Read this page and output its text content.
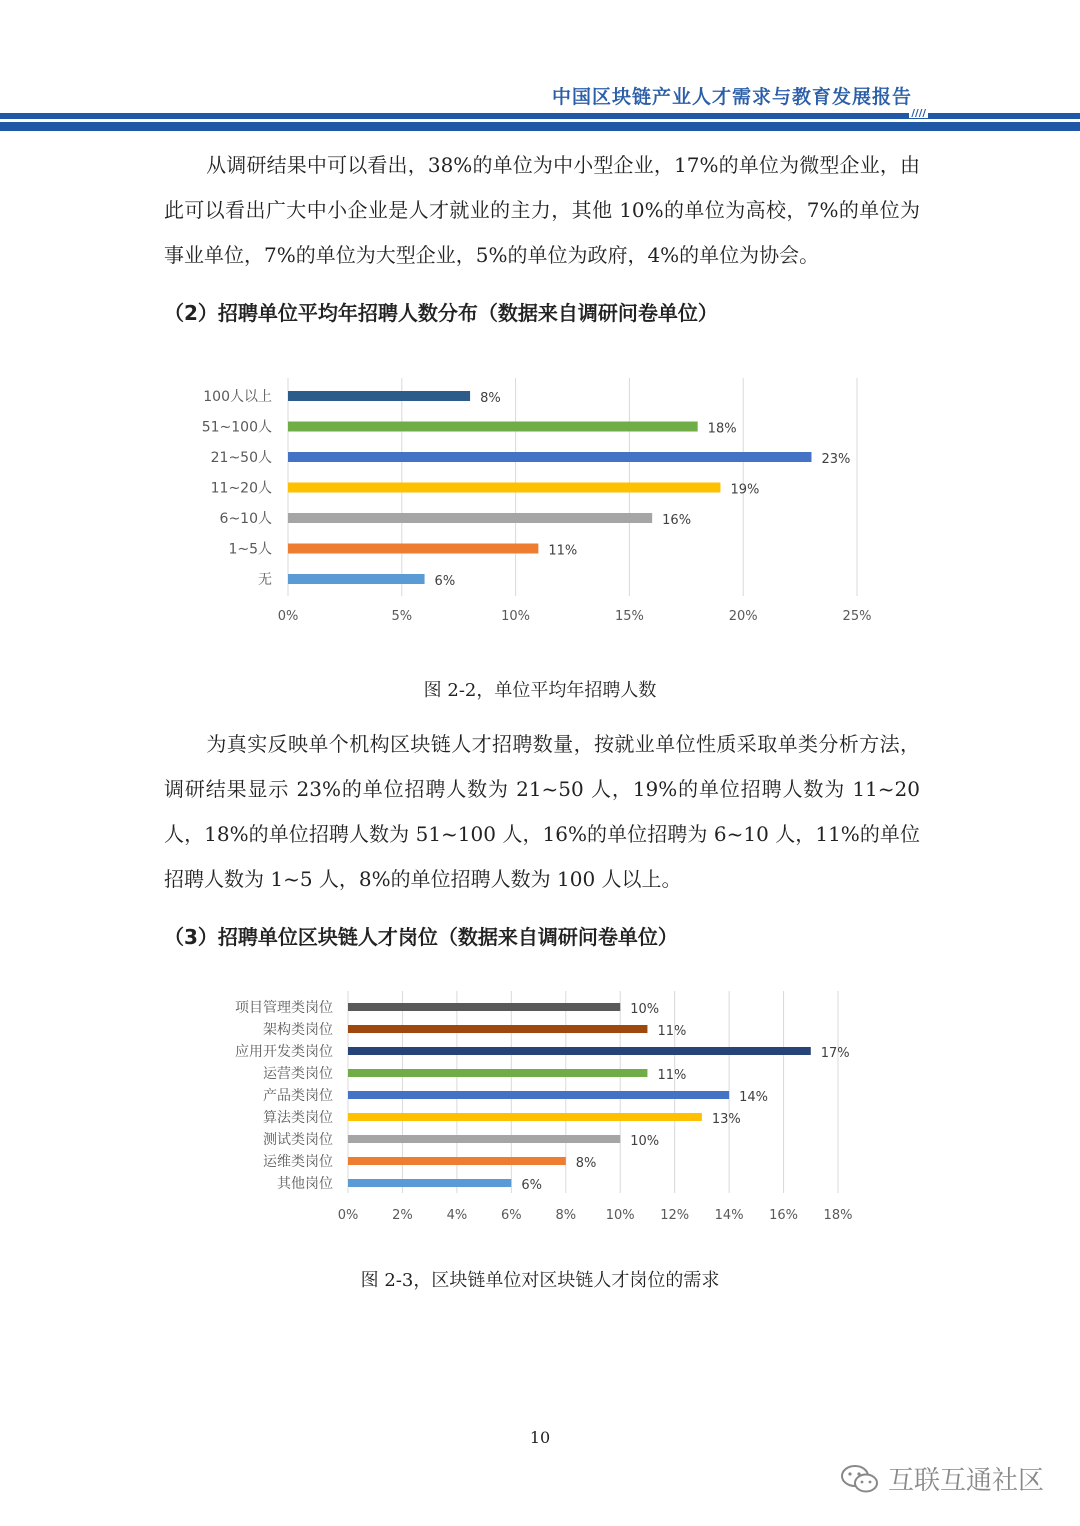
中国区块链产业人才需求与教育发展报告
////

从调研结果中可以看出，38%的单位为中小型企业，17%的单位为微型企业，由此可以看出广大中小企业是人才就业的主力，其他 10%的单位为高校，7%的单位为事业单位，7%的单位为大型企业，5%的单位为政府，4%的单位为协会。

（2）招聘单位平均年招聘人数分布（数据来自调研问卷单位）
0%	5%	10%	15%	20%	25%
100人以上	8%
51~100人	18%
21~50人	23%
11~20人	19%
6~10人	16%
1~5人	11%
无	6%
图 2-2，单位平均年招聘人数

为真实反映单个机构区块链人才招聘数量，按就业单位性质采取单类分析方法，调研结果显示 23%的单位招聘人数为 21~50 人，19%的单位招聘人数为 11~20 人，18%的单位招聘人数为 51~100 人，16%的单位招聘为 6~10 人，11%的单位招聘人数为 1~5 人，8%的单位招聘人数为 100 人以上。

（3）招聘单位区块链人才岗位（数据来自调研问卷单位）
0%	2%	4%	6%	8% 10% 12% 14% 16% 18%
项目管理类岗位	10%
架构类岗位	11%
应用开发类岗位	17%
运营类岗位	11%
产品类岗位	14%
算法类岗位	13%
测试类岗位	10%
运维类岗位	8%
其他岗位	6%
图 2-3，区块链单位对区块链人才岗位的需求
10
互联互通社区
